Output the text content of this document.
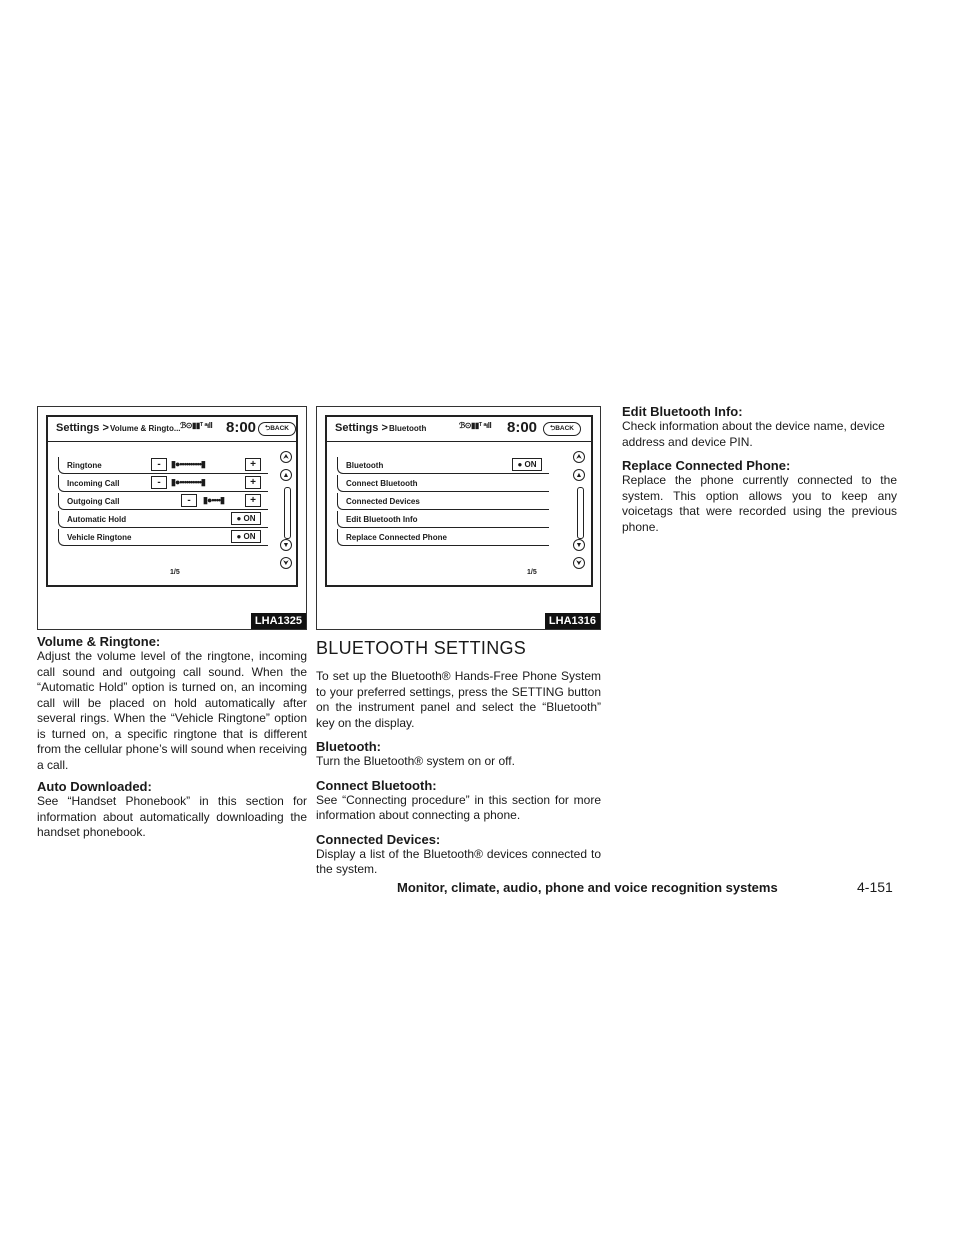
Settings > Volume & Ringto... ℬ⊙▮▮ᵀ ᵃıll 8:00	⮌BACK
Ringtone	-	▮●••••••••••▮	+
Incoming Call	-	▮●••••••••••▮	+
Outgoing Call	-	▮●••••▮	+
Automatic Hold	● ON
Vehicle Ringtone	● ON
⮝
▲
▼
⮟
1/5
LHA1325
Settings > Bluetooth	ℬ⊙▮▮ᵀ ᵃıll 8:00	⮌BACK
Bluetooth	● ON
Connect Bluetooth
Connected Devices
Edit Bluetooth Info
Replace Connected Phone
⮝
▲
▼
⮟
1/5
LHA1316
Volume & Ringtone:

Adjust the volume level of the ringtone, incoming call sound and outgoing call sound. When the “Automatic Hold” option is turned on, an incoming call will be placed on hold automatically after several rings. When the “Vehicle Ringtone” option is turned on, a specific ringtone that is different from the cellular phone’s will sound when receiving a call.

Auto Downloaded:

See “Handset Phonebook” in this section for information about automatically downloading the handset phonebook.

BLUETOOTH SETTINGS

To set up the Bluetooth® Hands-Free Phone System to your preferred settings, press the SETTING button on the instrument panel and select the “Bluetooth” key on the display.

Bluetooth:

Turn the Bluetooth® system on or off.

Connect Bluetooth:

See “Connecting procedure” in this section for more information about connecting a phone.

Connected Devices:

Display a list of the Bluetooth® devices connected to the system.

Edit Bluetooth Info:

Check information about the device name, device address and device PIN.

Replace Connected Phone:

Replace the phone currently connected to the system. This option allows you to keep any voicetags that were recorded using the previous phone.

Monitor, climate, audio, phone and voice recognition systems	4-151
